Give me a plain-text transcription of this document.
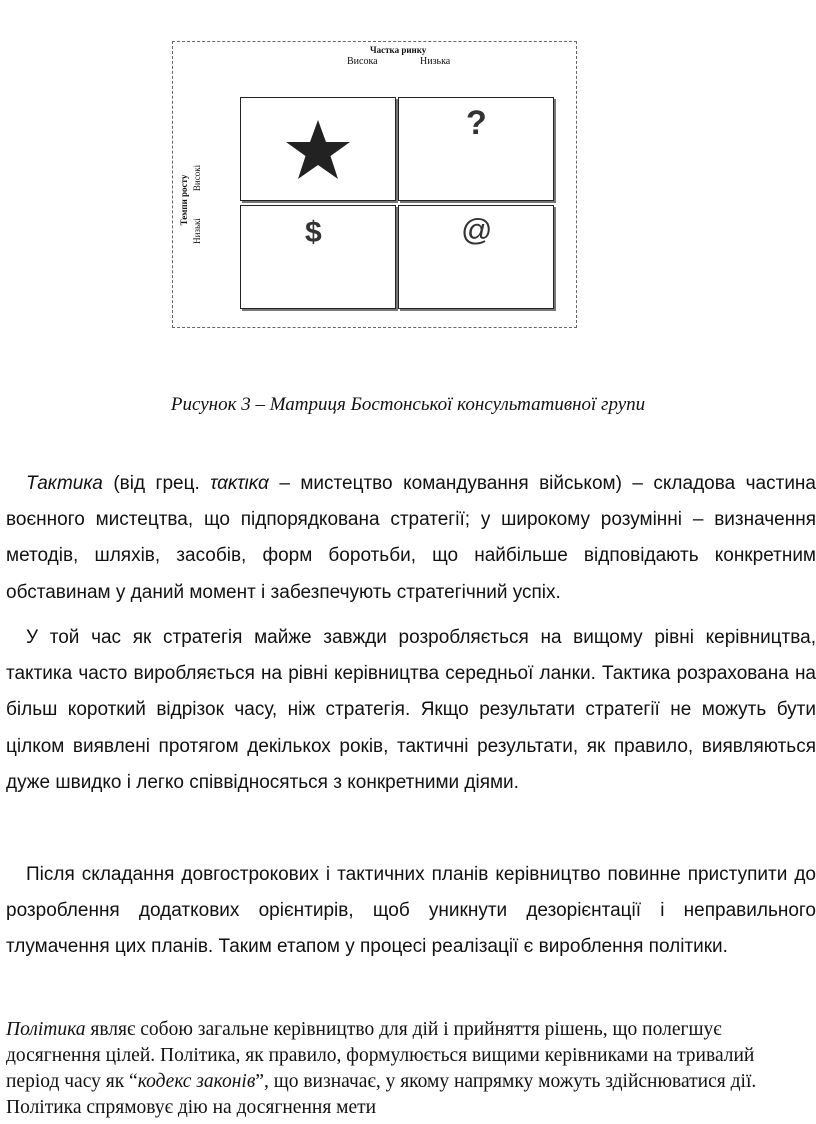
Частка ринку
Висока	Низька
Темпи росту Високі
Низькі
?
$	@
Рисунок 3 – Матриця Бостонської консультативної групи
Тактика (від грец. τακτικα – мистецтво командування військом) – складова частина воєнного мистецтва, що підпорядкована стратегії; у широкому розумінні – визначення методів, шляхів, засобів, форм боротьби, що найбільше відповідають конкретним обставинам у даний момент і забезпечують стратегічний успіх.
У той час як стратегія майже завжди розробляється на вищому рівні керівництва, тактика часто виробляється на рівні керівництва середньої ланки. Тактика розрахована на більш короткий відрізок часу, ніж стратегія. Якщо результати стратегії не можуть бути цілком виявлені протягом декількох років, тактичні результати, як правило, виявляються дуже швидко і легко співвідносяться з конкретними діями.
Після складання довгострокових і тактичних планів керівництво повинне приступити до розроблення додаткових орієнтирів, щоб уникнути дезорієнтації і неправильного тлумачення цих планів. Таким етапом у процесі реалізації є вироблення політики.
Політика являє собою загальне керівництво для дій і прийняття рішень, що полегшує досягнення цілей. Політика, як правило, формулюється вищими керівниками на тривалий період часу як “кодекс законів”, що визначає, у якому напрямку можуть здійснюватися дії. Політика спрямовує дію на досягнення мети
